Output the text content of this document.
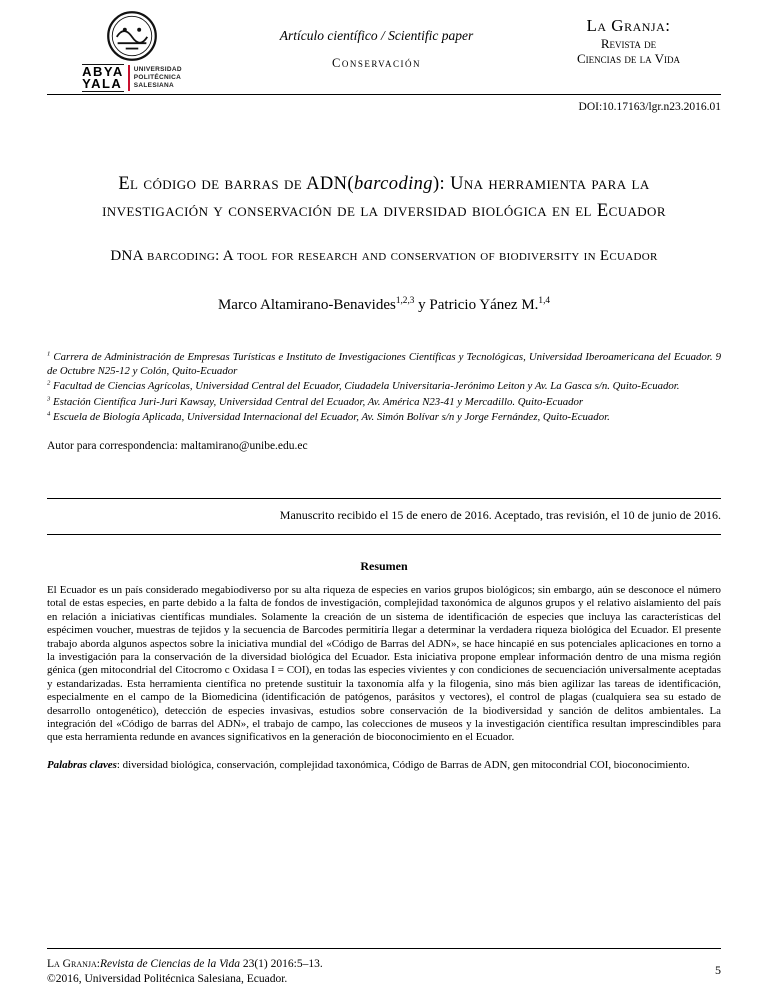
ABYA
YALA
UNIVERSIDAD
POLITÉCNICA
SALESIANA
Artículo científico / Scientific paper
Conservación
La Granja:
Revista de
Ciencias de la Vida
DOI:10.17163/lgr.n23.2016.01
El código de barras de ADN(barcoding): Una herramienta para la investigación y conservación de la diversidad biológica en el Ecuador
DNA barcoding: A tool for research and conservation of biodiversity in Ecuador
Marco Altamirano-Benavides$^{1,2,3}$ y Patricio Yánez M.$^{1,4}$
$^1$ Carrera de Administración de Empresas Turísticas e Instituto de Investigaciones Científicas y Tecnológicas, Universidad Iberoamericana del Ecuador. 9 de Octubre N25-12 y Colón, Quito-Ecuador
$^2$ Facultad de Ciencias Agrícolas, Universidad Central del Ecuador, Ciudadela Universitaria-Jerónimo Leiton y Av. La Gasca s/n. Quito-Ecuador.
$^3$ Estación Científica Juri-Juri Kawsay, Universidad Central del Ecuador, Av. América N23-41 y Mercadillo. Quito-Ecuador
$^4$ Escuela de Biología Aplicada, Universidad Internacional del Ecuador, Av. Simón Bolívar s/n y Jorge Fernández, Quito-Ecuador.
Autor para correspondencia: maltamirano@unibe.edu.ec
Manuscrito recibido el 15 de enero de 2016. Aceptado, tras revisión, el 10 de junio de 2016.
Resumen

El Ecuador es un país considerado megabiodiverso por su alta riqueza de especies en varios grupos biológicos; sin embargo, aún se desconoce el número total de estas especies, en parte debido a la falta de fondos de investigación, complejidad taxonómica de algunos grupos y el relativo aislamiento del país en relación a iniciativas científicas mundiales. Solamente la creación de un sistema de identificación de especies que incluya las características del espécimen voucher, muestras de tejidos y la secuencia de Barcodes permitiría llegar a determinar la verdadera riqueza biológica del Ecuador. El presente trabajo aborda algunos aspectos sobre la iniciativa mundial del «Código de Barras del ADN», se hace hincapié en sus potenciales aplicaciones en torno a la investigación para la conservación de la diversidad biológica del Ecuador. Esta iniciativa propone emplear información dentro de una misma región génica (gen mitocondrial del Citocromo c Oxidasa I = COI), en todas las especies vivientes y con condiciones de secuenciación universalmente aceptadas y estandarizadas. Esta herramienta científica no pretende sustituir la taxonomía alfa y la filogenia, sino más bien agilizar las tareas de identificación, especialmente en el campo de la Biomedicina (identificación de patógenos, parásitos y vectores), el control de plagas (cualquiera sea su estado de desarrollo ontogenético), detección de especies invasivas, estudios sobre conservación de la biodiversidad y sanción de delitos ambientales. La integración del «Código de barras del ADN», el trabajo de campo, las colecciones de museos y la investigación científica resultan imprescindibles para que esta herramienta redunde en avances significativos en la generación de bioconocimiento en el Ecuador.

Palabras claves: diversidad biológica, conservación, complejidad taxonómica, Código de Barras de ADN, gen mitocondrial COI, bioconocimiento.

La Granja:Revista de Ciencias de la Vida 23(1) 2016:5–13.
©2016, Universidad Politécnica Salesiana, Ecuador.
5
